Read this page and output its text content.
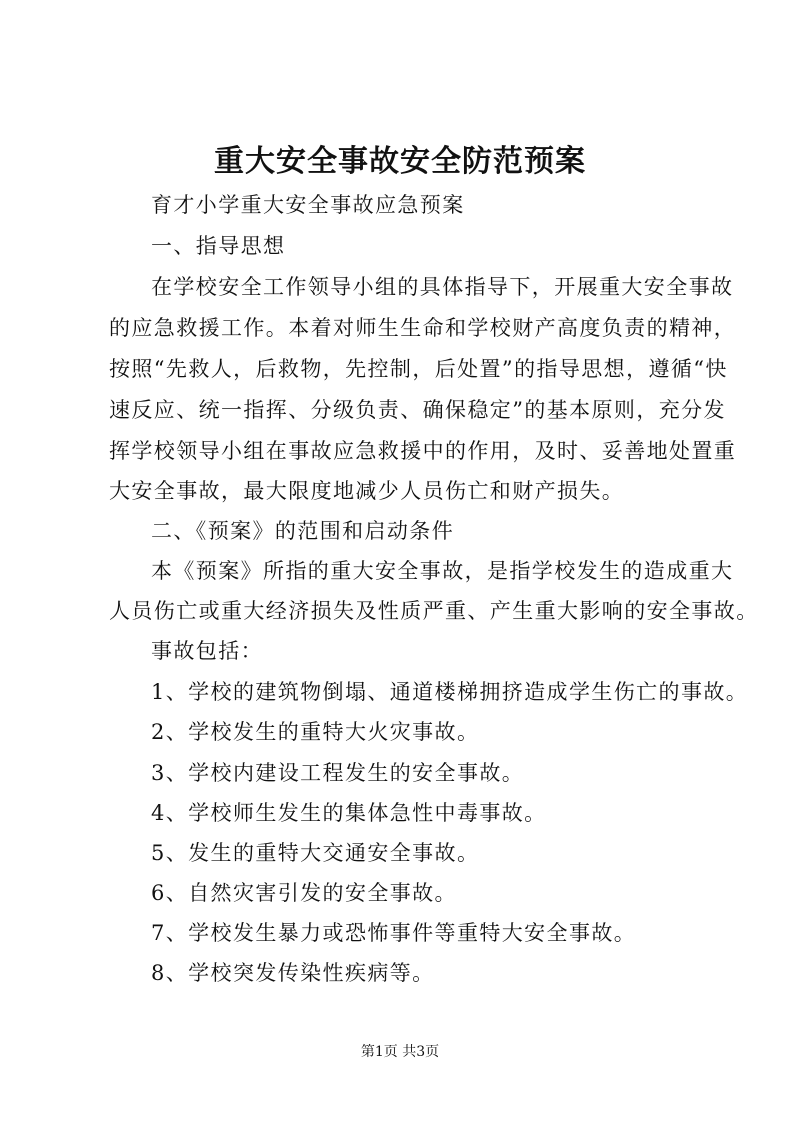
重大安全事故安全防范预案
育才小学重大安全事故应急预案
一、指导思想
在学校安全工作领导小组的具体指导下，开展重大安全事故
的应急救援工作。本着对师生生命和学校财产高度负责的精神，
按照“先救人，后救物，先控制，后处置”的指导思想，遵循“快
速反应、统一指挥、分级负责、确保稳定”的基本原则，充分发
挥学校领导小组在事故应急救援中的作用，及时、妥善地处置重
大安全事故，最大限度地减少人员伤亡和财产损失。
二、《预案》的范围和启动条件
本《预案》所指的重大安全事故，是指学校发生的造成重大
人员伤亡或重大经济损失及性质严重、产生重大影响的安全事故。
事故包括：
1、学校的建筑物倒塌、通道楼梯拥挤造成学生伤亡的事故。
2、学校发生的重特大火灾事故。
3、学校内建设工程发生的安全事故。
4、学校师生发生的集体急性中毒事故。
5、发生的重特大交通安全事故。
6、自然灾害引发的安全事故。
7、学校发生暴力或恐怖事件等重特大安全事故。
8、学校突发传染性疾病等。
第1页 共3页
